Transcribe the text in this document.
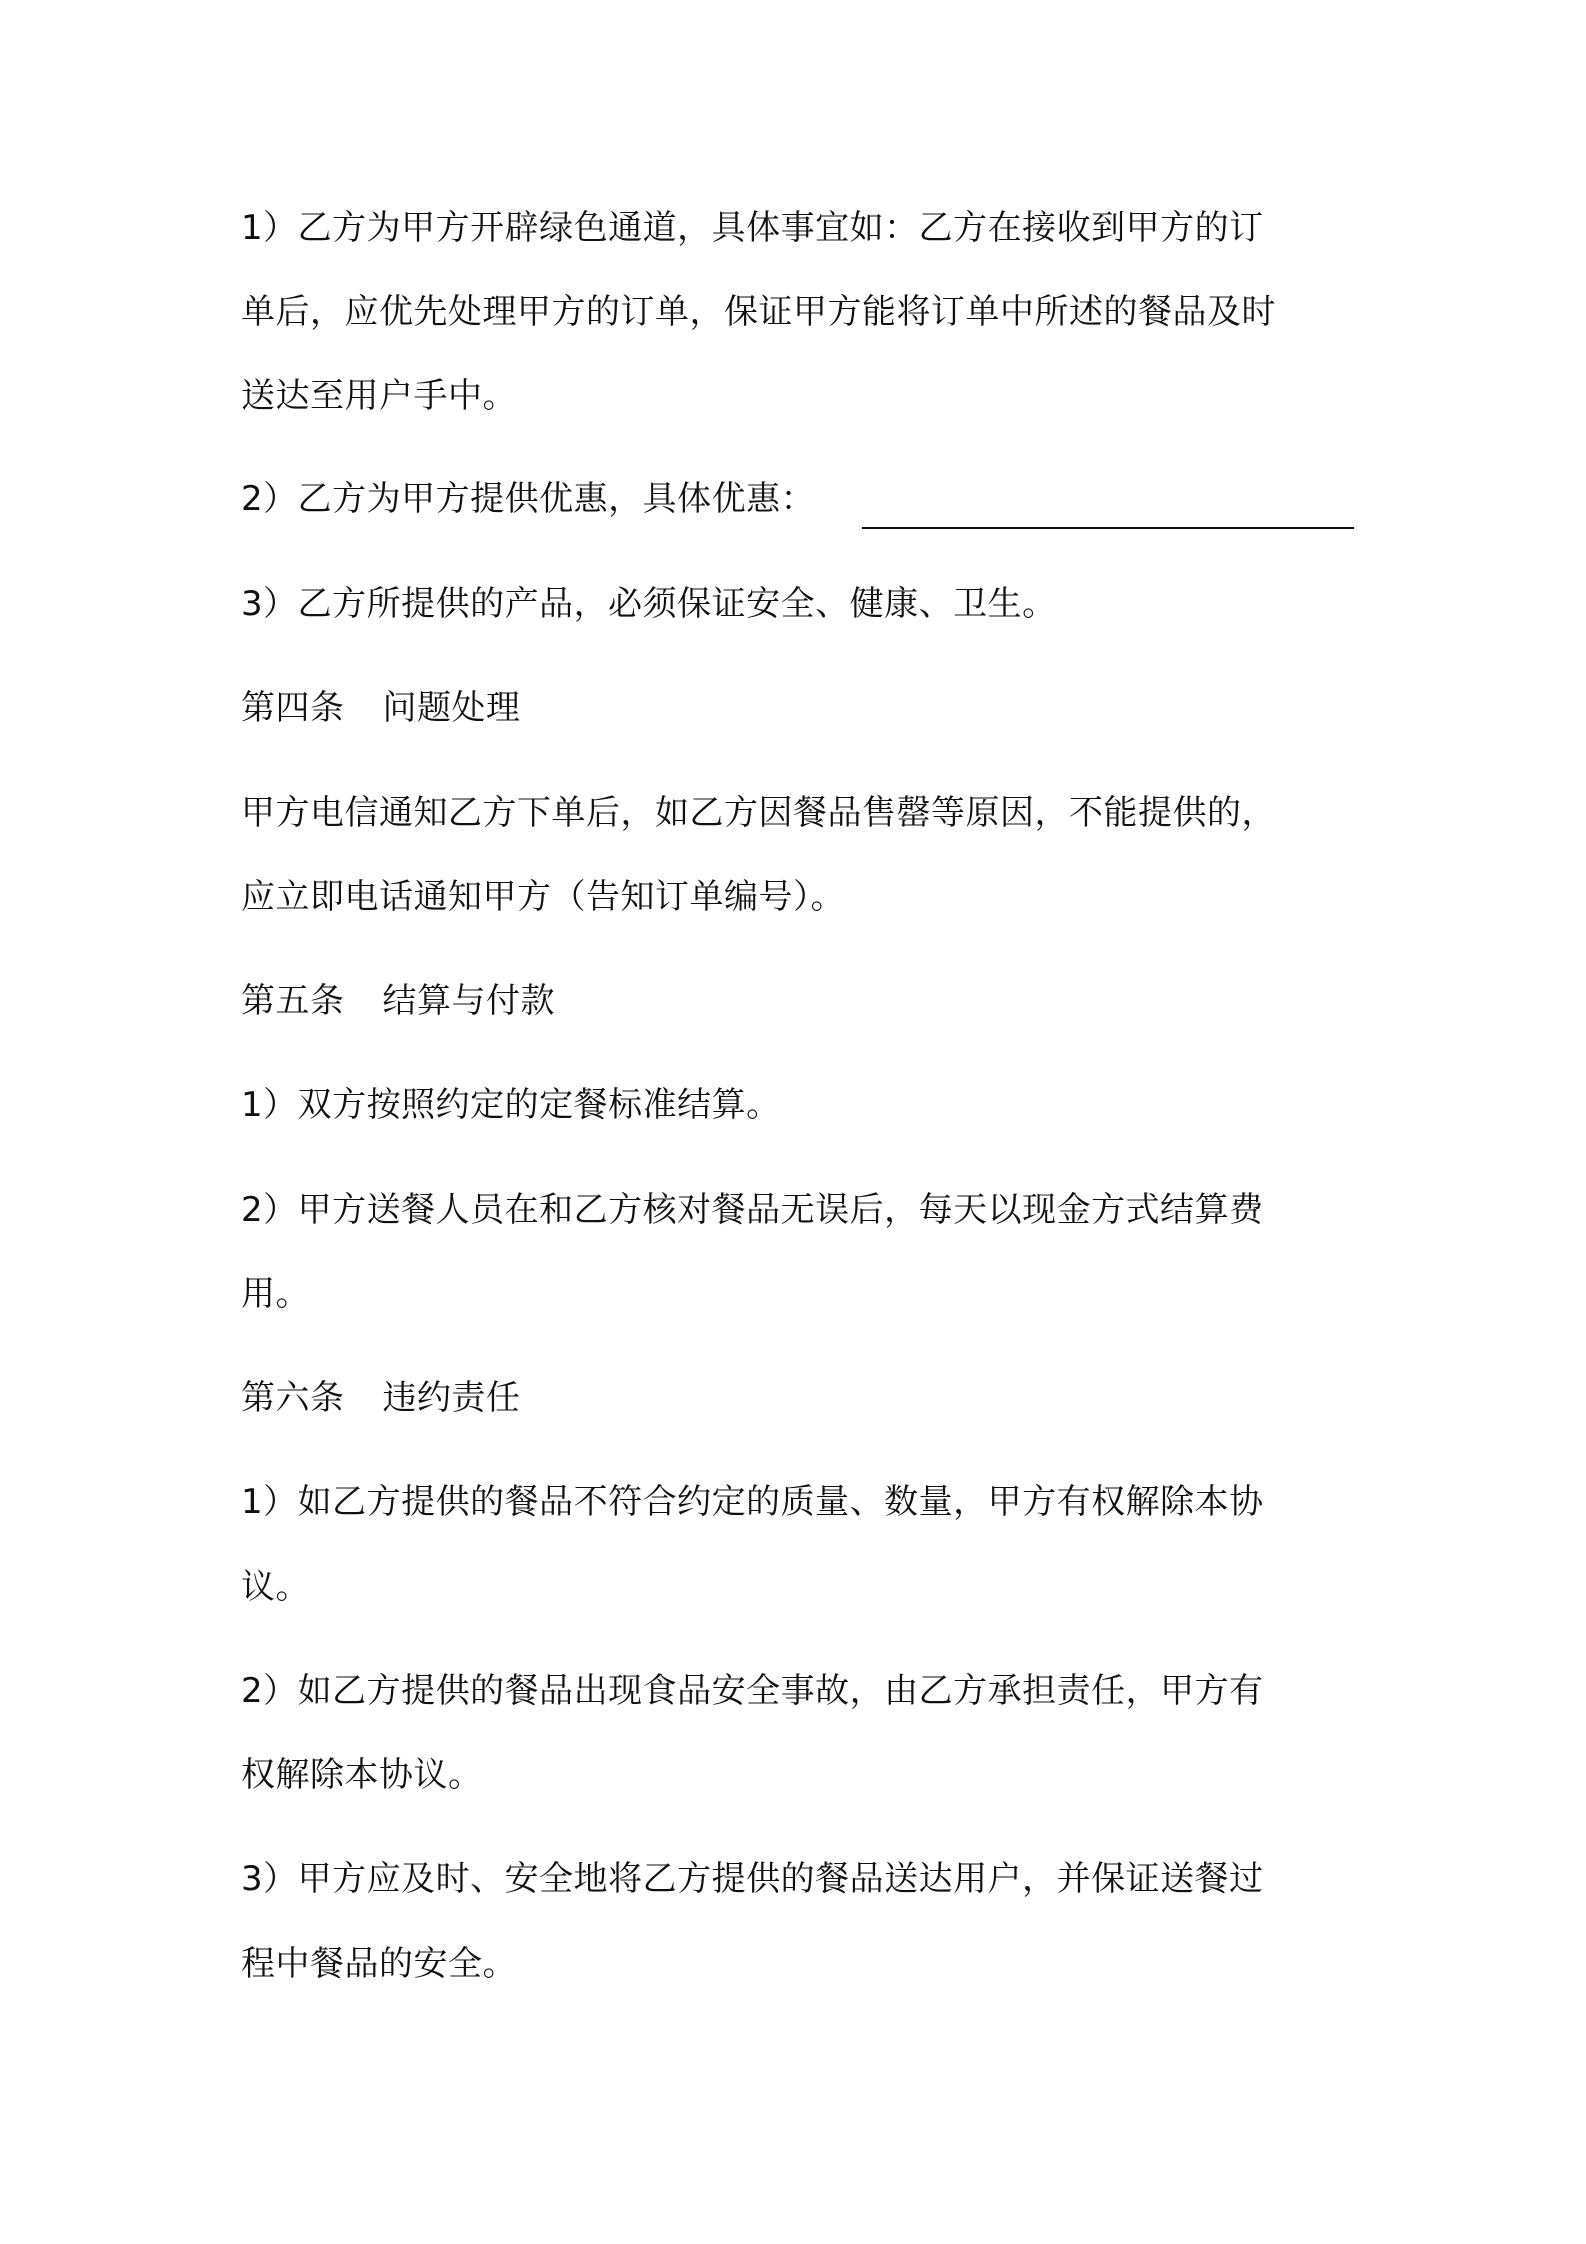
1）乙方为甲方开辟绿色通道，具体事宜如：乙方在接收到甲方的订
单后，应优先处理甲方的订单，保证甲方能将订单中所述的餐品及时
送达至用户手中。
2）乙方为甲方提供优惠，具体优惠：
3）乙方所提供的产品，必须保证安全、健康、卫生。
第四条 问题处理
甲方电信通知乙方下单后，如乙方因餐品售罄等原因，不能提供的，
应立即电话通知甲方（告知订单编号）。
第五条 结算与付款
1）双方按照约定的定餐标准结算。
2）甲方送餐人员在和乙方核对餐品无误后，每天以现金方式结算费
用。
第六条 违约责任
1）如乙方提供的餐品不符合约定的质量、数量，甲方有权解除本协
议。
2）如乙方提供的餐品出现食品安全事故，由乙方承担责任，甲方有
权解除本协议。
3）甲方应及时、安全地将乙方提供的餐品送达用户，并保证送餐过
程中餐品的安全。
